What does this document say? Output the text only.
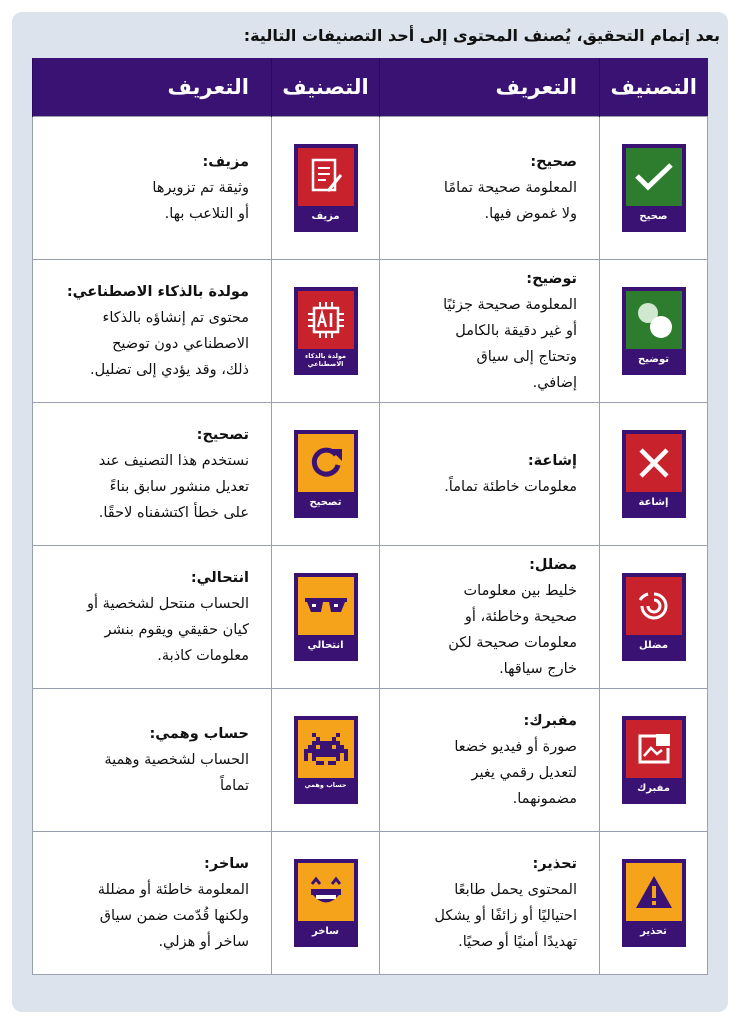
بعد إتمام التحقيق، يُصنف المحتوى إلى أحد التصنيفات التالية:
التصنيف	التعريف	التصنيف	التعريف

صحيح	صحيح:
المعلومة صحيحة تمامًا
ولا غموض فيها.	مزيف	مزيف:
وثيقة تم تزويرها
أو التلاعب بها.

توضيح	توضيح:
المعلومة صحيحة جزئيًا
أو غير دقيقة بالكامل
وتحتاج إلى سياق
إضافي.	مولدة بالذكاء الاصطناعي	مولدة بالذكاء الاصطناعي:
محتوى تم إنشاؤه بالذكاء
الاصطناعي دون توضيح
ذلك، وقد يؤدي إلى تضليل.

إشاعة	إشاعة:
معلومات خاطئة تماماً.	تصحيح	تصحيح:
نستخدم هذا التصنيف عند
تعديل منشور سابق بناءً
على خطأ اكتشفناه لاحقًا.

مضلل	مضلل:
خليط بين معلومات
صحيحة وخاطئة، أو
معلومات صحيحة لكن
خارج سياقها.	انتحالي	انتحالي:
الحساب منتحل لشخصية أو
كيان حقيقي ويقوم بنشر
معلومات كاذبة.

مفبرك	مفبرك:
صورة أو فيديو خضعا
لتعديل رقمي يغير
مضمونهما.	حساب وهمي	حساب وهمي:
الحساب لشخصية وهمية
تماماً

تحذير	تحذير:
المحتوى يحمل طابعًا
احتياليًا أو زائفًا أو يشكل
تهديدًا أمنيًا أو صحيًا.	ساخر	ساخر:
المعلومة خاطئة أو مضللة
ولكنها قُدّمت ضمن سياق
ساخر أو هزلي.
